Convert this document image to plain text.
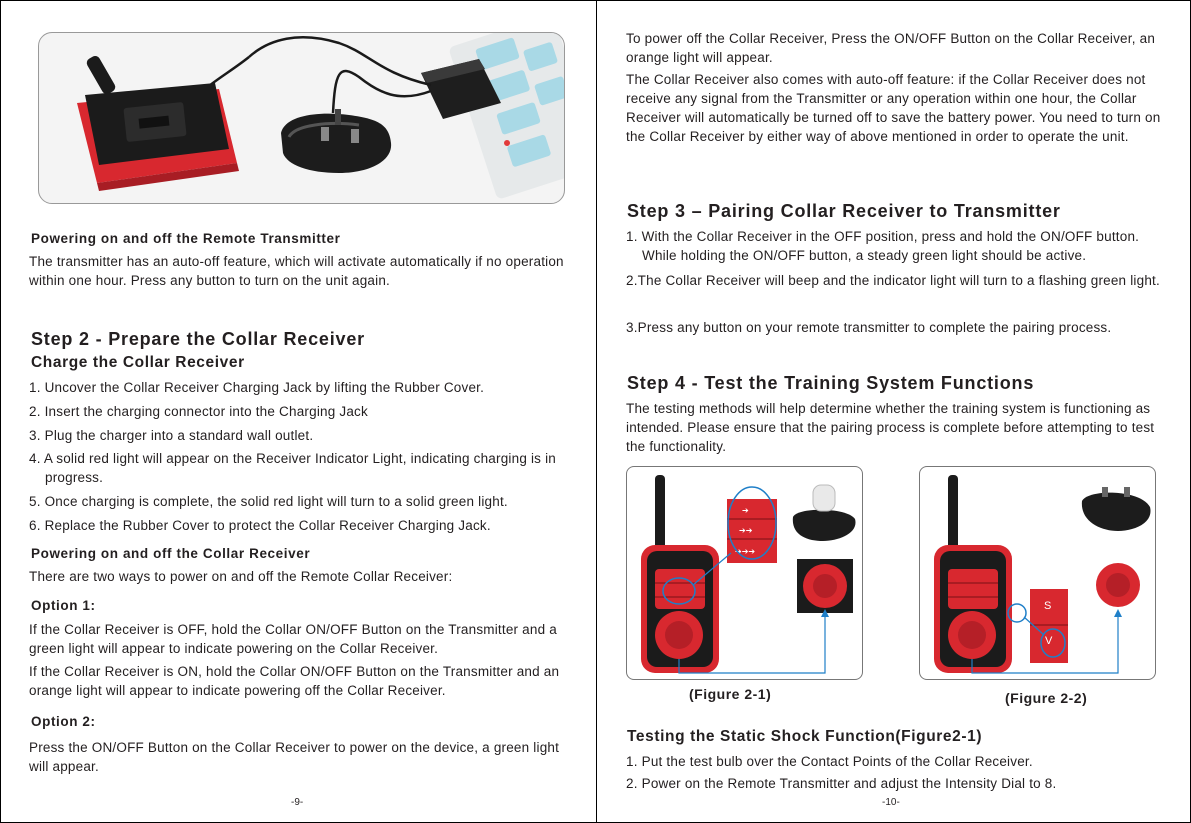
Powering on and off the Remote Transmitter

The transmitter has an auto-off feature, which will activate automatically if no operation within one hour. Press any button to turn on the unit again.

Step 2 - Prepare the Collar Receiver
Charge the Collar Receiver

1. Uncover the Collar Receiver Charging Jack by lifting the Rubber Cover.

2. Insert the charging connector into the Charging Jack

3. Plug the charger into a standard wall outlet.

4. A solid red light will appear on the Receiver Indicator Light, indicating charging is in progress.

5. Once charging is complete, the solid red light will turn to a solid green light.

6. Replace the Rubber Cover to protect the Collar Receiver Charging Jack.

Powering on and off the Collar Receiver

There are two ways to power on and off the Remote Collar Receiver:

Option 1:

If the Collar Receiver is OFF, hold the Collar ON/OFF Button on the Transmitter and a green light will appear to indicate powering on the Collar Receiver.

If the Collar Receiver is ON, hold the Collar ON/OFF Button on the Transmitter and an orange light will appear to indicate powering off the Collar Receiver.

Option 2:

Press the ON/OFF Button on the Collar Receiver to power on the device, a green light will appear.

-9-

To power off the Collar Receiver, Press the ON/OFF Button on the Collar Receiver, an orange light will appear.

The Collar Receiver also comes with auto-off feature: if the Collar Receiver does not receive any signal from the Transmitter or any operation within one hour, the Collar Receiver will automatically be turned off to save the battery power. You need to turn on the Collar Receiver by either way of above mentioned in order to operate the unit.

Step 3 – Pairing Collar Receiver to Transmitter

1. With the Collar Receiver in the OFF position, press and hold the ON/OFF button. While holding the ON/OFF button, a steady green light should be active.

2.The Collar Receiver will beep and the indicator light will turn to a flashing green light.

3.Press any button on your remote transmitter to complete the pairing process.

Step 4 - Test the Training System Functions

The testing methods will help determine whether the training system is functioning as intended. Please ensure that the pairing process is complete before attempting to test the functionality.

➔
➔➔
➔➔➔
(Figure 2-1)
S
V
(Figure 2-2)
Testing the Static Shock Function(Figure2-1)

1. Put the test bulb over the Contact Points of the Collar Receiver.

2. Power on the Remote Transmitter and adjust the Intensity Dial to 8.

-10-
